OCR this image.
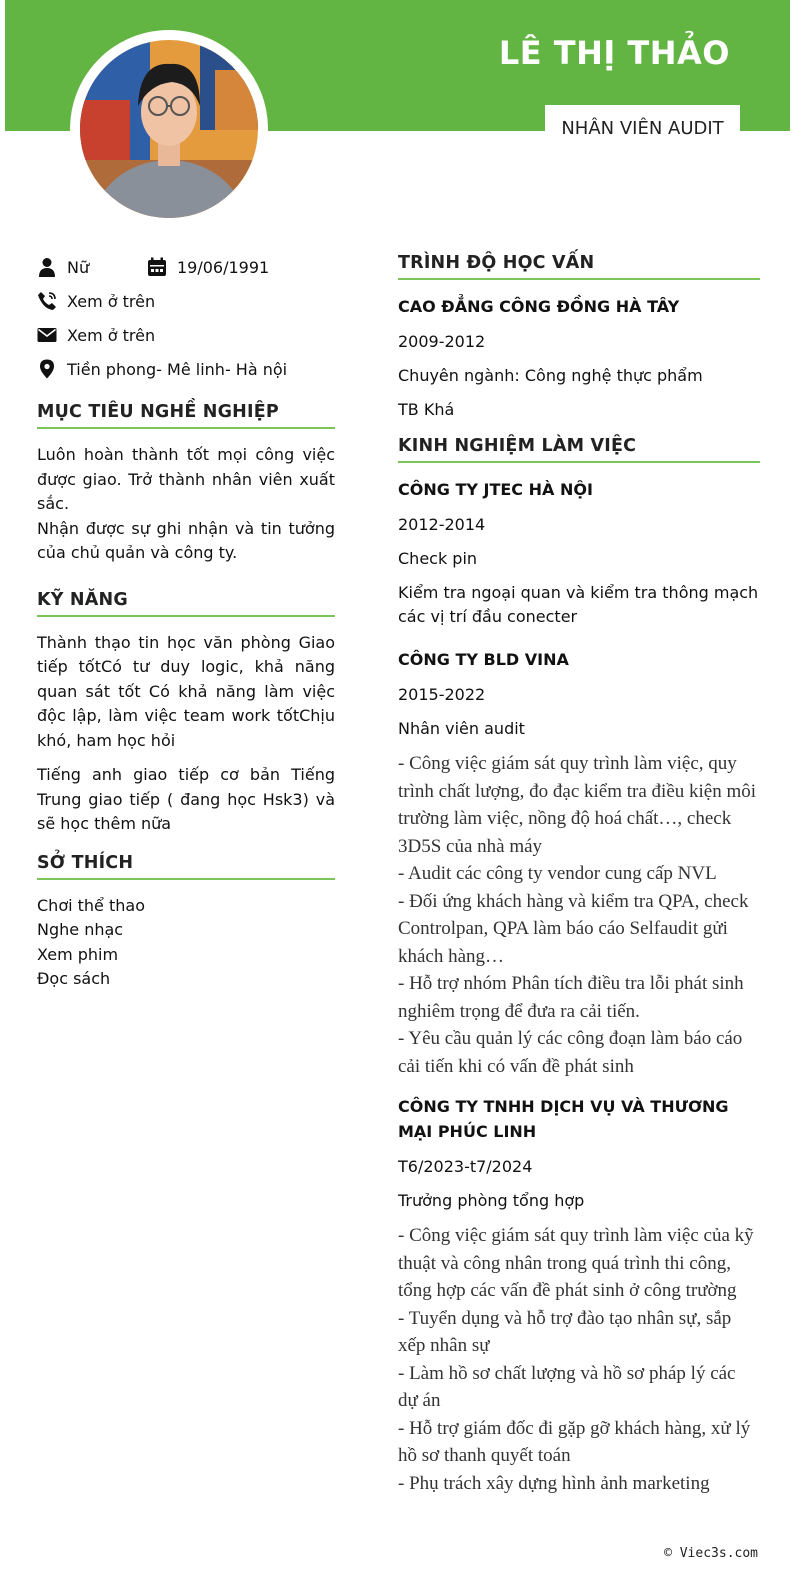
LÊ THỊ THẢO
NHÂN VIÊN AUDIT
Nữ	19/06/1991
Xem ở trên
Xem ở trên
Tiền phong- Mê linh- Hà nội
MỤC TIÊU NGHỀ NGHIỆP
Luôn hoàn thành tốt mọi công việc được giao. Trở thành nhân viên xuất sắc.
Nhận được sự ghi nhận và tin tưởng của chủ quản và công ty.
KỸ NĂNG
Thành thạo tin học văn phòng Giao tiếp tốtCó tư duy logic, khả năng quan sát tốt Có khả năng làm việc độc lập, làm việc team work tốtChịu khó, ham học hỏi
Tiếng anh giao tiếp cơ bản Tiếng Trung giao tiếp ( đang học Hsk3) và sẽ học thêm nữa
SỞ THÍCH
Chơi thể thao
Nghe nhạc
Xem phim
Đọc sách
TRÌNH ĐỘ HỌC VẤN
CAO ĐẲNG CÔNG ĐỒNG HÀ TÂY
2009-2012
Chuyên ngành: Công nghệ thực phẩm
TB Khá
KINH NGHIỆM LÀM VIỆC
CÔNG TY JTEC HÀ NỘI
2012-2014
Check pin
Kiểm tra ngoại quan và kiểm tra thông mạch các vị trí đầu conecter
CÔNG TY BLD VINA
2015-2022
Nhân viên audit
- Công việc giám sát quy trình làm việc, quy trình chất lượng, đo đạc kiểm tra điều kiện môi trường làm việc, nồng độ hoá chất…, check 3D5S của nhà máy
- Audit các công ty vendor cung cấp NVL
- Đối ứng khách hàng và kiểm tra QPA, check Controlpan, QPA làm báo cáo Selfaudit gửi khách hàng…
- Hỗ trợ nhóm Phân tích điều tra lỗi phát sinh nghiêm trọng để đưa ra cải tiến.
- Yêu cầu quản lý các công đoạn làm báo cáo cải tiến khi có vấn đề phát sinh
CÔNG TY TNHH DỊCH VỤ VÀ THƯƠNG MẠI PHÚC LINH
T6/2023-t7/2024
Trưởng phòng tổng hợp
- Công việc giám sát quy trình làm việc của kỹ thuật và công nhân trong quá trình thi công, tổng hợp các vấn đề phát sinh ở công trường
- Tuyển dụng và hỗ trợ đào tạo nhân sự, sắp xếp nhân sự
- Làm hồ sơ chất lượng và hồ sơ pháp lý các dự án
- Hỗ trợ giám đốc đi gặp gỡ khách hàng, xử lý hồ sơ thanh quyết toán
- Phụ trách xây dựng hình ảnh marketing
© Viec3s.com
